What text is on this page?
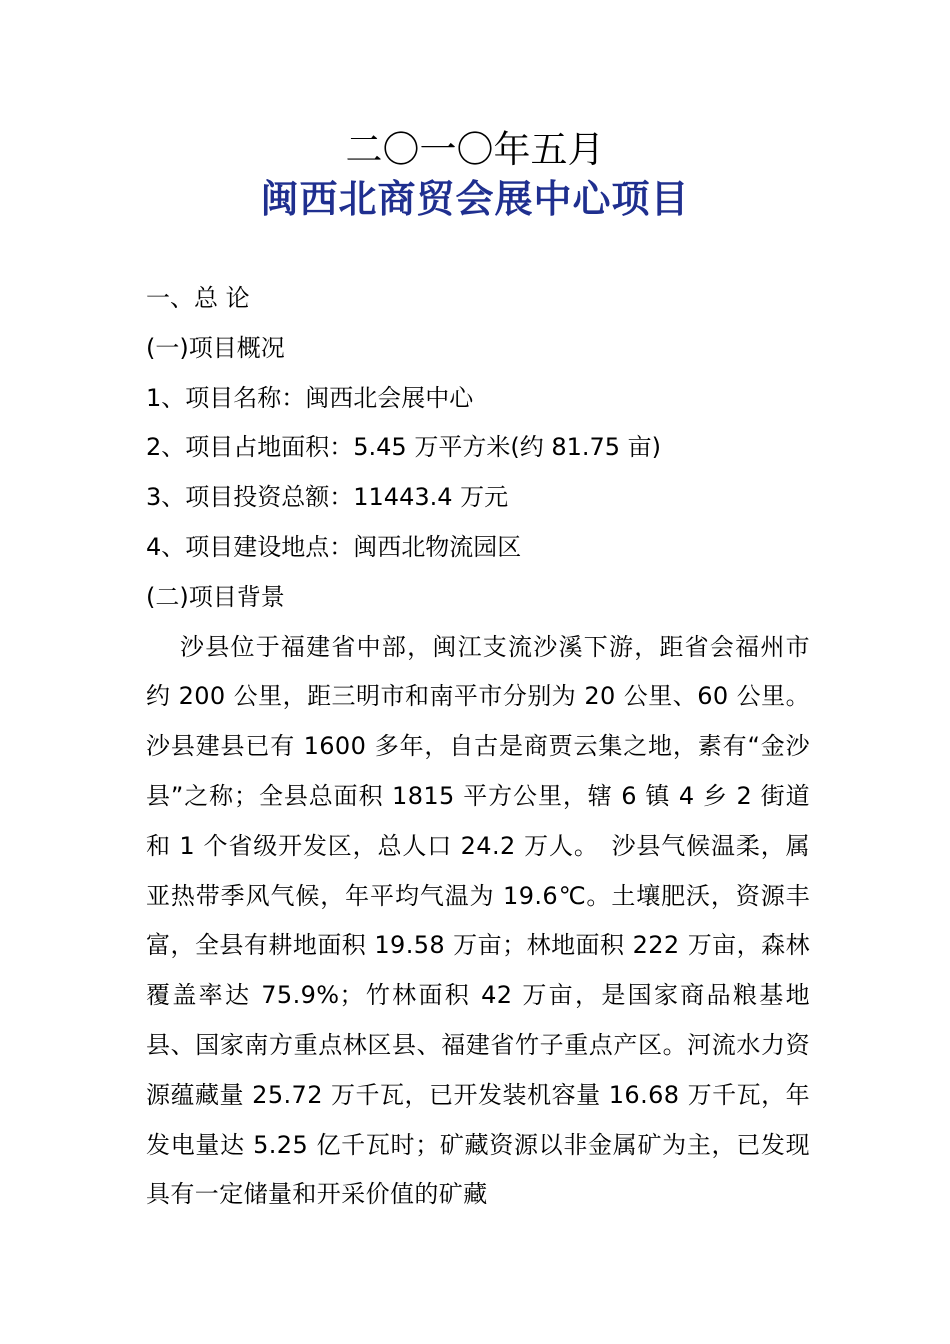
二〇一〇年五月
闽西北商贸会展中心项目

一、总 论

(一)项目概况

1、项目名称：闽西北会展中心

2、项目占地面积：5.45 万平方米(约 81.75 亩)

3、项目投资总额：11443.4 万元

4、项目建设地点：闽西北物流园区

(二)项目背景

沙县位于福建省中部，闽江支流沙溪下游，距省会福州市约 200 公里，距三明市和南平市分别为 20 公里、60 公里。沙县建县已有 1600 多年，自古是商贾云集之地，素有“金沙县”之称；全县总面积 1815 平方公里，辖 6 镇 4 乡 2 街道和 1 个省级开发区，总人口 24.2 万人。　沙县气候温柔，属亚热带季风气候，年平均气温为 19.6℃。土壤肥沃，资源丰富，全县有耕地面积 19.58 万亩；林地面积 222 万亩，森林覆盖率达 75.9%；竹林面积 42 万亩，是国家商品粮基地县、国家南方重点林区县、福建省竹子重点产区。河流水力资源蕴藏量 25.72 万千瓦，已开发装机容量 16.68 万千瓦，年发电量达 5.25 亿千瓦时；矿藏资源以非金属矿为主，已发现具有一定储量和开采价值的矿藏
